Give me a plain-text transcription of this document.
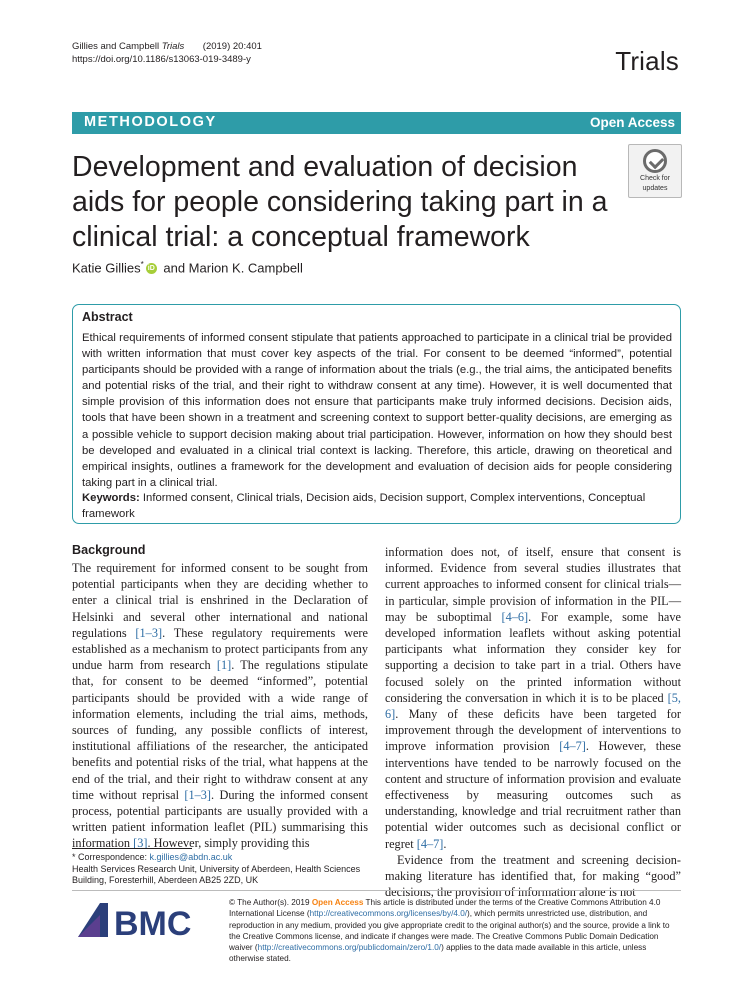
Gillies and Campbell Trials (2019) 20:401
https://doi.org/10.1186/s13063-019-3489-y	Trials
METHODOLOGY	Open Access
Development and evaluation of decision aids for people considering taking part in a clinical trial: a conceptual framework
Check for
updates
Katie Gillies* iD and Marion K. Campbell
Abstract
Ethical requirements of informed consent stipulate that patients approached to participate in a clinical trial be provided with written information that must cover key aspects of the trial. For consent to be deemed “informed”, potential participants should be provided with a range of information about the trials (e.g., the trial aims, the anticipated benefits and potential risks of the trial, and their right to withdraw consent at any time). However, it is well documented that simple provision of this information does not ensure that participants make truly informed decisions. Decision aids, tools that have been shown in a treatment and screening context to support better-quality decisions, are emerging as a possible vehicle to support decision making about trial participation. However, information on how they should best be developed and evaluated in a clinical trial context is lacking. Therefore, this article, drawing on theoretical and empirical insights, outlines a framework for the development and evaluation of decision aids for people considering taking part in a clinical trial.
Keywords: Informed consent, Clinical trials, Decision aids, Decision support, Complex interventions, Conceptual framework
Background
The requirement for informed consent to be sought from potential participants when they are deciding whether to enter a clinical trial is enshrined in the Declaration of Helsinki and several other international and national regulations [1–3]. These regulatory requirements were established as a mechanism to protect participants from any undue harm from research [1]. The regulations stipulate that, for consent to be deemed “informed”, potential participants should be provided with a wide range of information elements, including the trial aims, methods, sources of funding, any possible conflicts of interest, institutional affiliations of the researcher, the anticipated benefits and potential risks of the trial, what happens at the end of the trial, and their right to withdraw consent at any time without reprisal [1–3]. During the informed consent process, potential participants are usually provided with a written patient information leaflet (PIL) summarising this information [3]. However, simply providing this
information does not, of itself, ensure that consent is informed. Evidence from several studies illustrates that current approaches to informed consent for clinical trials—in particular, simple provision of information in the PIL—may be suboptimal [4–6]. For example, some have developed information leaflets without asking potential participants what information they consider key for supporting a decision to take part in a trial. Others have focused solely on the printed information without considering the conversation in which it is to be placed [5, 6]. Many of these deficits have been targeted for improvement through the development of interventions to improve information provision [4–7]. However, these interventions have tended to be narrowly focused on the content and structure of information provision and evaluate effectiveness by measuring outcomes such as understanding, knowledge and trial recruitment rather than potential wider outcomes such as decisional conflict or regret [4–7].
Evidence from the treatment and screening decision-making literature has identified that, for making “good” decisions, the provision of information alone is not
* Correspondence: k.gillies@abdn.ac.uk
Health Services Research Unit, University of Aberdeen, Health Sciences Building, Foresterhill, Aberdeen AB25 2ZD, UK
BMC
© The Author(s). 2019 Open Access This article is distributed under the terms of the Creative Commons Attribution 4.0 International License (http://creativecommons.org/licenses/by/4.0/), which permits unrestricted use, distribution, and reproduction in any medium, provided you give appropriate credit to the original author(s) and the source, provide a link to the Creative Commons license, and indicate if changes were made. The Creative Commons Public Domain Dedication waiver (http://creativecommons.org/publicdomain/zero/1.0/) applies to the data made available in this article, unless otherwise stated.
